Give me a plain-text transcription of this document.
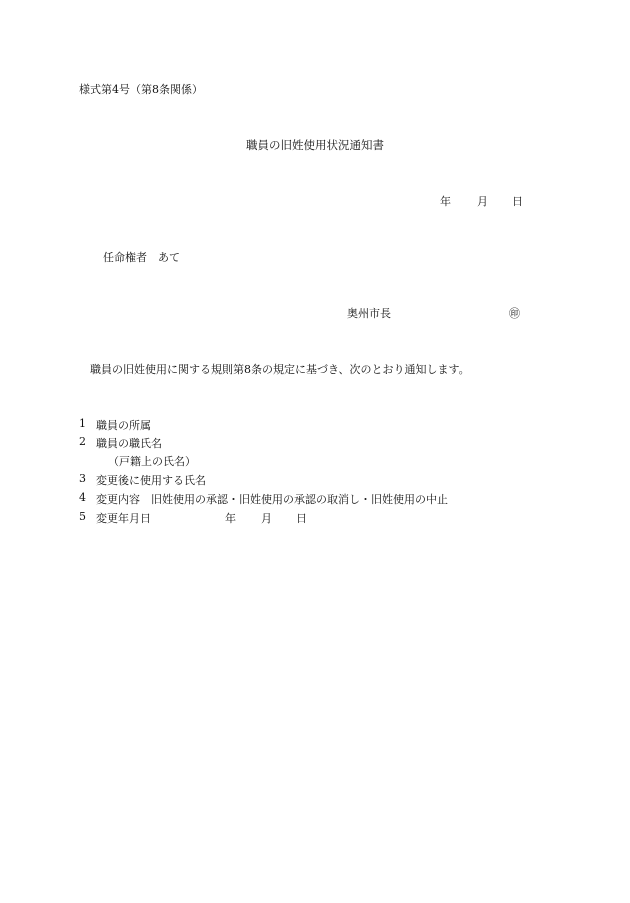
様式第4号（第8条関係）
職員の旧姓使用状況通知書
年 月 日
任命権者　あて
奥州市長	㊞
職員の旧姓使用に関する規則第8条の規定に基づき、次のとおり通知します。
1 職員の所属
2 職員の職氏名
（戸籍上の氏名）
3 変更後に使用する氏名
4 変更内容　旧姓使用の承認・旧姓使用の承認の取消し・旧姓使用の中止
5 変更年月日	年 月 日
